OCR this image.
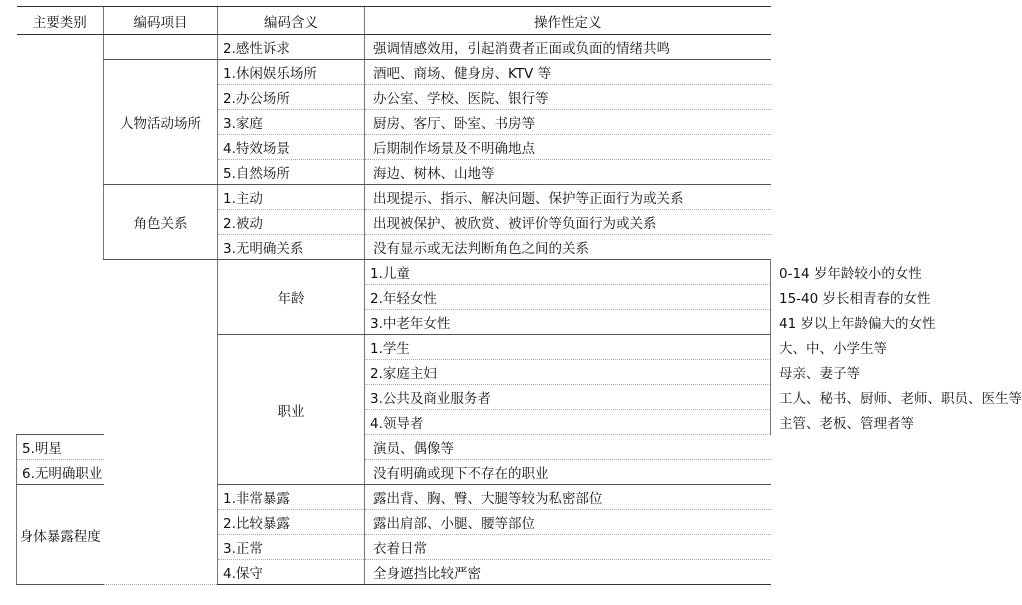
主要类别	编码项目	编码含义	操作性定义	
		2.感性诉求	强调情感效用，引起消费者正面或负面的情绪共鸣	
	人物活动场所	1.休闲娱乐场所	酒吧、商场、健身房、KTV 等	
		2.办公场所	办公室、学校、医院、银行等	
		3.家庭	厨房、客厅、卧室、书房等	
		4.特效场景	后期制作场景及不明确地点	
		5.自然场所	海边、树林、山地等	
	角色关系	1.主动	出现提示、指示、解决问题、保护等正面行为或关系	
		2.被动	出现被保护、被欣赏、被评价等负面行为或关系	
		3.无明确关系	没有显示或无法判断角色之间的关系	
		年龄	1.儿童	0-14 岁年龄较小的女性
			2.年轻女性	15-40 岁长相青春的女性
			3.中老年女性	41 岁以上年龄偏大的女性
		职业	1.学生	大、中、小学生等
			2.家庭主妇	母亲、妻子等
			3.公共及商业服务者	工人、秘书、厨师、老师、职员、医生等
			4.领导者	主管、老板、管理者等
5.明星			演员、偶像等	
6.无明确职业			没有明确或现下不存在的职业	
身体暴露程度		1.非常暴露	露出背、胸、臀、大腿等较为私密部位	
		2.比较暴露	露出肩部、小腿、腰等部位	
		3.正常	衣着日常	
		4.保守	全身遮挡比较严密	
